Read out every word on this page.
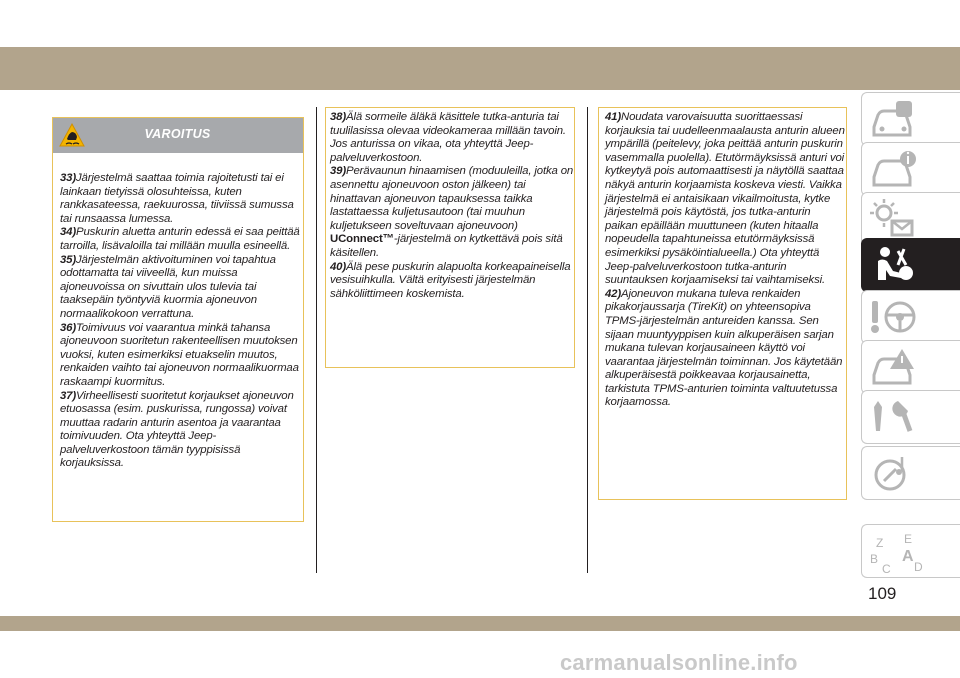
VAROITUS

33)Järjestelmä saattaa toimia rajoitetusti tai ei lainkaan tietyissä olosuhteissa, kuten rankkasateessa, raekuurossa, tiiviissä sumussa tai runsaassa lumessa.

34)Puskurin aluetta anturin edessä ei saa peittää tarroilla, lisävaloilla tai millään muulla esineellä.

35)Järjestelmän aktivoituminen voi tapahtua odottamatta tai viiveellä, kun muissa ajoneuvoissa on sivuttain ulos tulevia tai taaksepäin työntyviä kuormia ajoneuvon normaalikokoon verrattuna.

36)Toimivuus voi vaarantua minkä tahansa ajoneuvoon suoritetun rakenteellisen muutoksen vuoksi, kuten esimerkiksi etuakselin muutos, renkaiden vaihto tai ajoneuvon normaalikuormaa raskaampi kuormitus.

37)Virheellisesti suoritetut korjaukset ajoneuvon etuosassa (esim. puskurissa, rungossa) voivat muuttaa radarin anturin asentoa ja vaarantaa toimivuuden. Ota yhteyttä Jeep-palveluverkostoon tämän tyyppisissä korjauksissa.

38)Älä sormeile äläkä käsittele tutka-anturia tai tuulilasissa olevaa videokameraa millään tavoin. Jos anturissa on vikaa, ota yhteyttä Jeep-palveluverkostoon.

39)Perävaunun hinaamisen (moduuleilla, jotka on asennettu ajoneuvoon oston jälkeen) tai hinattavan ajoneuvon tapauksessa taikka lastattaessa kuljetusautoon (tai muuhun kuljetukseen soveltuvaan ajoneuvoon) UConnect™-järjestelmä on kytkettävä pois sitä käsitellen.

40)Älä pese puskurin alapuolta korkeapaineisella vesisuihkulla. Vältä erityisesti järjestelmän sähköliittimeen koskemista.

41)Noudata varovaisuutta suorittaessasi korjauksia tai uudelleenmaalausta anturin alueen ympärillä (peitelevy, joka peittää anturin puskurin vasemmalla puolella). Etutörmäyksissä anturi voi kytkeytyä pois automaattisesti ja näytöllä saattaa näkyä anturin korjaamista koskeva viesti. Vaikka järjestelmä ei antaisikaan vikailmoitusta, kytke järjestelmä pois käytöstä, jos tutka-anturin paikan epäillään muuttuneen (kuten hitaalla nopeudella tapahtuneissa etutörmäyksissä esimerkiksi pysäköintialueella.) Ota yhteyttä Jeep-palveluverkostoon tutka-anturin suuntauksen korjaamiseksi tai vaihtamiseksi.

42)Ajoneuvon mukana tuleva renkaiden pikakorjaussarja (TireKit) on yhteensopiva TPMS-järjestelmän antureiden kanssa. Sen sijaan muuntyyppisen kuin alkuperäisen sarjan mukana tulevan korjausaineen käyttö voi vaarantaa järjestelmän toiminnan. Jos käytetään alkuperäisestä poikkeavaa korjausainetta, tarkistuta TPMS-anturien toiminta valtuutetussa korjaamossa.

Z E
B A
C D
109
carmanualsonline.info
